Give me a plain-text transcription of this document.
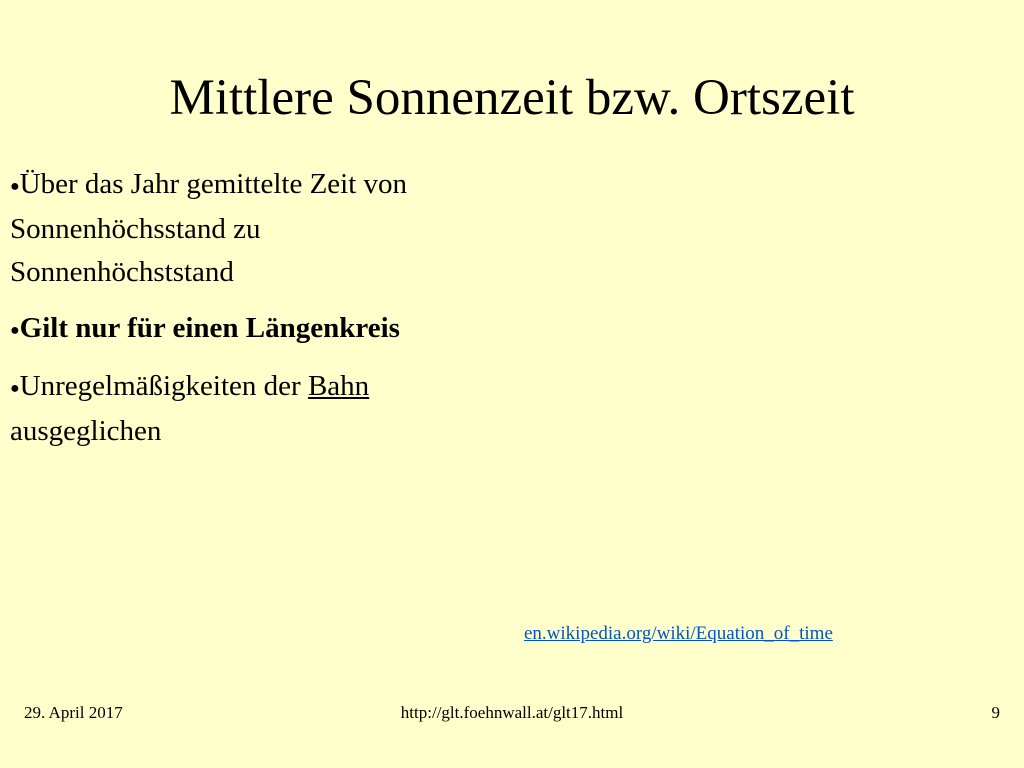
Mittlere Sonnenzeit bzw. Ortszeit
●Über das Jahr gemittelte Zeit von Sonnenhöchsstand zu Sonnenhöchststand
●Gilt nur für einen Längenkreis
●Unregelmäßigkeiten der Bahn ausgeglichen
en.wikipedia.org/wiki/Equation_of_time
29. April 2017	http://glt.foehnwall.at/glt17.html	9
